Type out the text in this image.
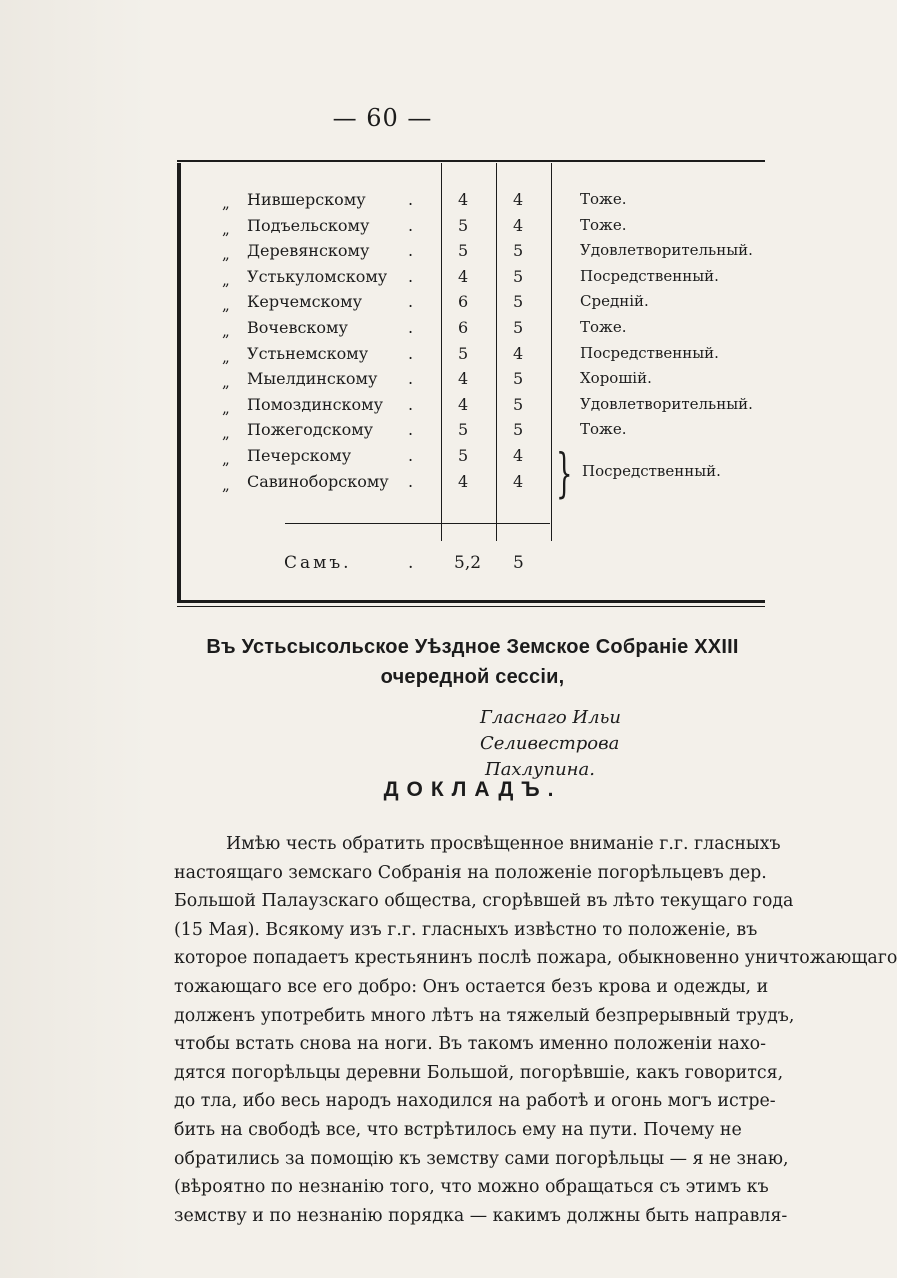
— 60 —
„ Нившерскому	.	4	4	Тоже.
„ Подъельскому .	5	4	Тоже.
„ Деревянскому .	5	5	Удовлетворительный.
„ Устькуломскому .	4	5	Посредственный.
„ Керчемскому	.	6	5	Средній.
„ Вочевскому	.	6	5	Тоже.
„ Устьнемскому .	5	4	Посредственный.
„ Мыелдинскому .	4	5	Хорошій.
„ Помоздинскому .	4	5	Удовлетворительный.
„ Пожегодскому .	5	5	Тоже.
„ Печерскому	.	5	4
„ Савиноборскому .	4	4 } Посредственный.
Самъ.	. 5,2 5
Въ Устьсысольское Уѣздное Земское Собраніе XXIII очередной сессіи,
Гласнаго Ильи Селивестрова
Пахлупина.
ДОКЛАДЪ.
Имѣю честь обратить просвѣщенное вниманіе г.г. гласныхъ
настоящаго земскаго Собранія на положеніе погорѣльцевъ дер.
Большой Палаузскаго общества, сгорѣвшей въ лѣто текущаго года
(15 Мая). Всякому изъ г.г. гласныхъ извѣстно то положеніе, въ
которое попадаетъ крестьянинъ послѣ пожара, обыкновенно уничтожающаго
тожающаго все его добро: Онъ остается безъ крова и одежды, и
долженъ употребить много лѣтъ на тяжелый безпрерывный трудъ,
чтобы встать снова на ноги. Въ такомъ именно положеніи нахо-
дятся погорѣльцы деревни Большой, погорѣвшіе, какъ говорится,
до тла, ибо весь народъ находился на работѣ и огонь могъ истре-
бить на свободѣ все, что встрѣтилось ему на пути. Почему не
обратились за помощію къ земству сами погорѣльцы — я не знаю,
(вѣроятно по незнанію того, что можно обращаться съ этимъ къ
земству и по незнанію порядка — какимъ должны быть направля-
